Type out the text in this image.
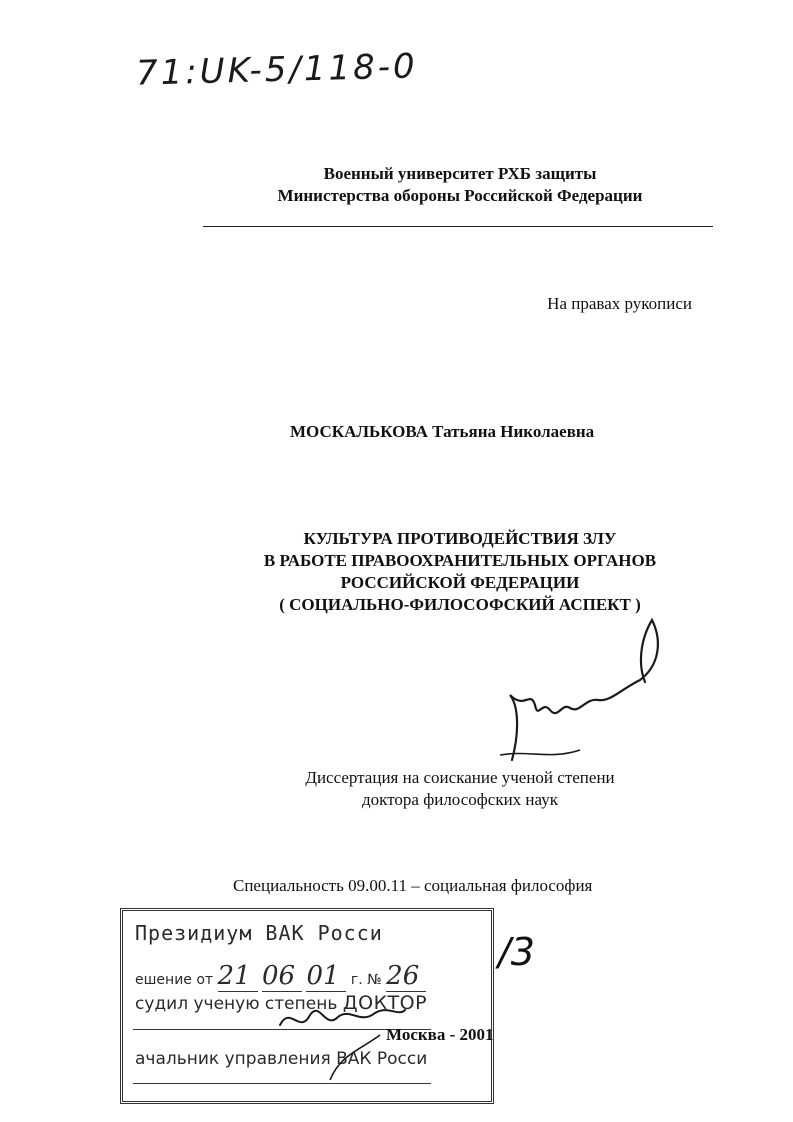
71:UK-5/118-0
Военный университет РХБ защиты
Министерства обороны Российской Федерации
На правах рукописи
МОСКАЛЬКОВА Татьяна Николаевна
КУЛЬТУРА ПРОТИВОДЕЙСТВИЯ ЗЛУ
В РАБОТЕ ПРАВООХРАНИТЕЛЬНЫХ ОРГАНОВ
РОССИЙСКОЙ ФЕДЕРАЦИИ
( СОЦИАЛЬНО-ФИЛОСОФСКИЙ АСПЕКТ )
Диссертация на соискание ученой степени
доктора философских наук
Специальность 09.00.11 – социальная философия
Президиум ВАК Росси
ешение от 21 06 01 г. № 26
судил ученую степень ДОКТОР
ачальник управления ВАК Росси
/3
Москва - 2001
